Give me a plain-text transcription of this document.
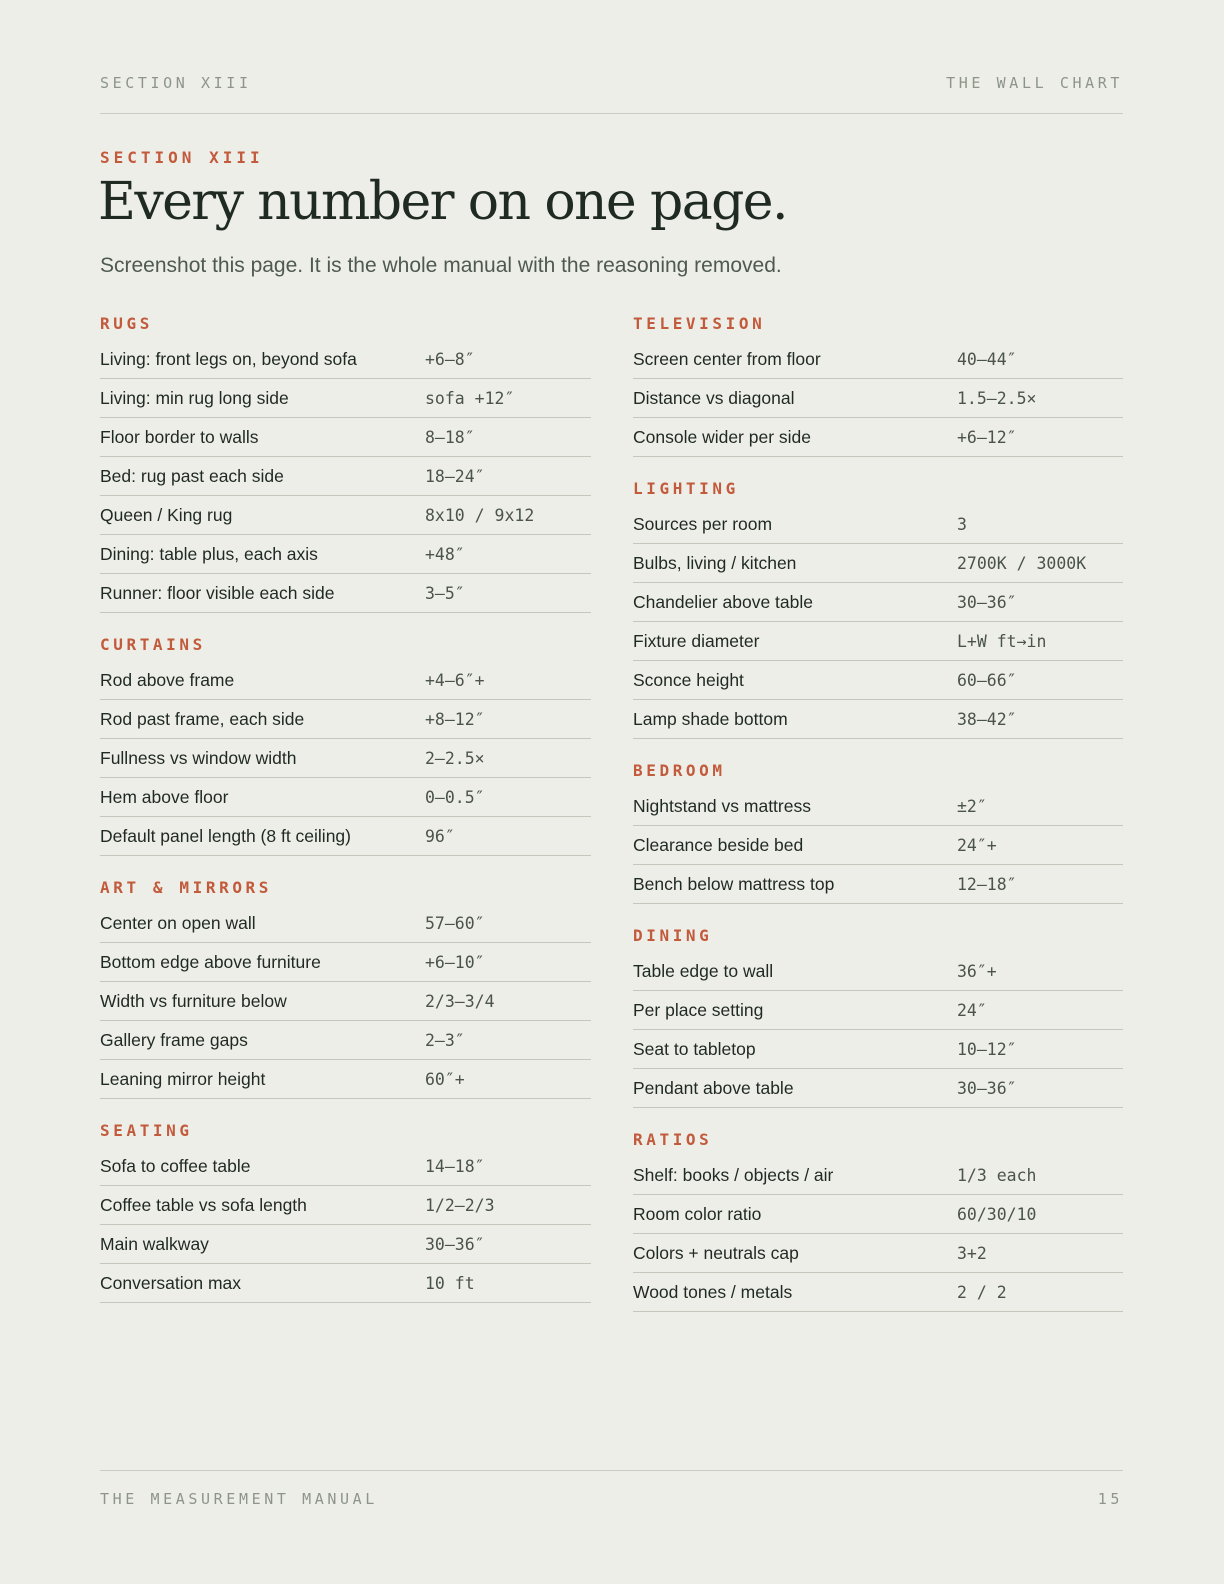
SECTION XIII	THE WALL CHART
SECTION XIII
Every number on one page.
Screenshot this page. It is the whole manual with the reasoning removed.
RUGS
Living: front legs on, beyond sofa	+6–8″
Living: min rug long side	sofa +12″
Floor border to walls	8–18″
Bed: rug past each side	18–24″
Queen / King rug	8x10 / 9x12
Dining: table plus, each axis	+48″
Runner: floor visible each side	3–5″
CURTAINS
Rod above frame	+4–6″+
Rod past frame, each side	+8–12″
Fullness vs window width	2–2.5×
Hem above floor	0–0.5″
Default panel length (8 ft ceiling)	96″
ART & MIRRORS
Center on open wall	57–60″
Bottom edge above furniture	+6–10″
Width vs furniture below	2/3–3/4
Gallery frame gaps	2–3″
Leaning mirror height	60″+
SEATING
Sofa to coffee table	14–18″
Coffee table vs sofa length	1/2–2/3
Main walkway	30–36″
Conversation max	10 ft
TELEVISION
Screen center from floor	40–44″
Distance vs diagonal	1.5–2.5×
Console wider per side	+6–12″
LIGHTING
Sources per room	3
Bulbs, living / kitchen	2700K / 3000K
Chandelier above table	30–36″
Fixture diameter	L+W ft→in
Sconce height	60–66″
Lamp shade bottom	38–42″
BEDROOM
Nightstand vs mattress	±2″
Clearance beside bed	24″+
Bench below mattress top	12–18″
DINING
Table edge to wall	36″+
Per place setting	24″
Seat to tabletop	10–12″
Pendant above table	30–36″
RATIOS
Shelf: books / objects / air	1/3 each
Room color ratio	60/30/10
Colors + neutrals cap	3+2
Wood tones / metals	2 / 2
THE MEASUREMENT MANUAL	15
